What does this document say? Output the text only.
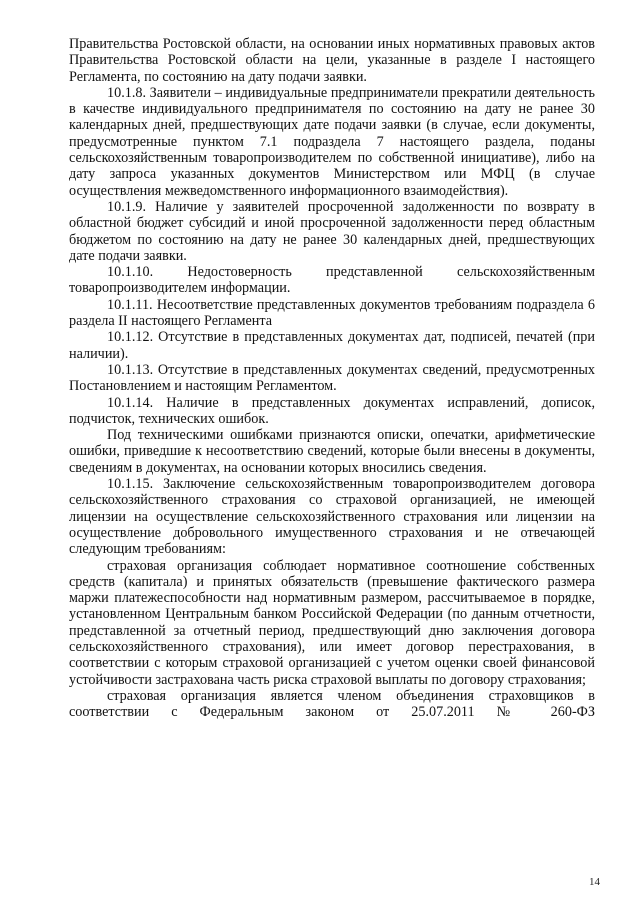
Правительства Ростовской области, на основании иных нормативных правовых актов Правительства Ростовской области на цели, указанные в разделе I настоящего Регламента, по состоянию на дату подачи заявки.

10.1.8. Заявители – индивидуальные предприниматели прекратили деятельность в качестве индивидуального предпринимателя по состоянию на дату не ранее 30 календарных дней, предшествующих дате подачи заявки (в случае, если документы, предусмотренные пунктом 7.1 подраздела 7 настоящего раздела, поданы сельскохозяйственным товаропроизводителем по собственной инициативе), либо на дату запроса указанных документов Министерством или МФЦ (в случае осуществления межведомственного информационного взаимодействия).

10.1.9. Наличие у заявителей просроченной задолженности по возврату в областной бюджет субсидий и иной просроченной задолженности перед областным бюджетом по состоянию на дату не ранее 30 календарных дней, предшествующих дате подачи заявки.

10.1.10. Недостоверность представленной сельскохозяйственным товаропроизводителем информации.

10.1.11. Несоответствие представленных документов требованиям подраздела 6 раздела II настоящего Регламента

10.1.12. Отсутствие в представленных документах дат, подписей, печатей (при наличии).

10.1.13. Отсутствие в представленных документах сведений, предусмотренных Постановлением и настоящим Регламентом.

10.1.14. Наличие в представленных документах исправлений, дописок, подчисток, технических ошибок.

Под техническими ошибками признаются описки, опечатки, арифметические ошибки, приведшие к несоответствию сведений, которые были внесены в документы, сведениям в документах, на основании которых вносились сведения.

10.1.15. Заключение сельскохозяйственным товаропроизводителем договора сельскохозяйственного страхования со страховой организацией, не имеющей лицензии на осуществление сельскохозяйственного страхования или лицензии на осуществление добровольного имущественного страхования и не отвечающей следующим требованиям:

страховая организация соблюдает нормативное соотношение собственных средств (капитала) и принятых обязательств (превышение фактического размера маржи платежеспособности над нормативным размером, рассчитываемое в порядке, установленном Центральным банком Российской Федерации (по данным отчетности, представленной за отчетный период, предшествующий дню заключения договора сельскохозяйственного страхования), или имеет договор перестрахования, в соответствии с которым страховой организацией с учетом оценки своей финансовой устойчивости застрахована часть риска страховой выплаты по договору страхования;

страховая организация является членом объединения страховщиков в соответствии с Федеральным законом от 25.07.2011 № 260-ФЗ

14
